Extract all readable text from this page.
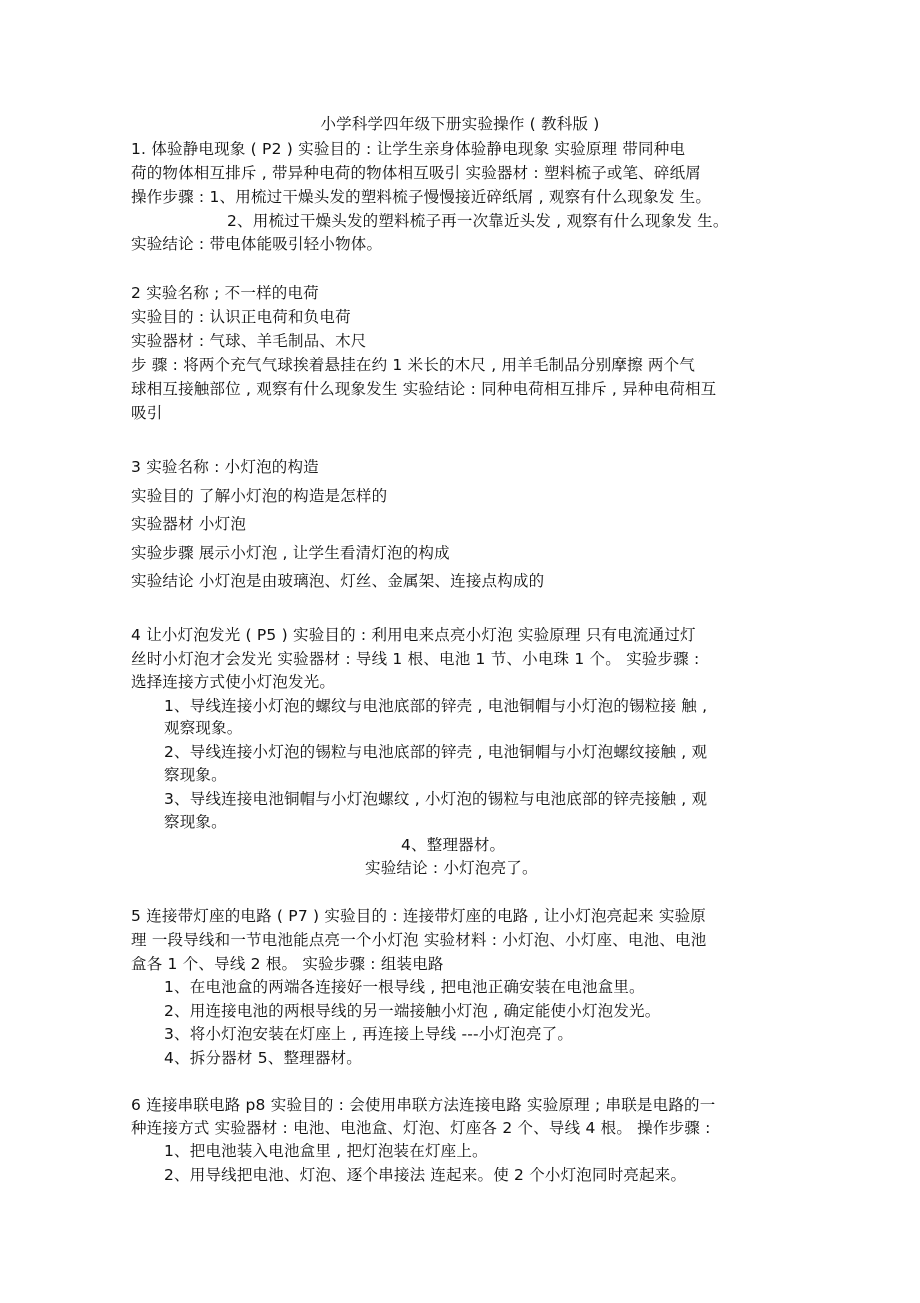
小学科学四年级下册实验操作 ( 教科版 )
1. 体验静电现象 ( P2 ) 实验目的 : 让学生亲身体验静电现象 实验原理 带同种电
荷的物体相互排斥 , 带异种电荷的物体相互吸引 实验器材 : 塑料梳子或笔、碎纸屑
操作步骤 : 1、用梳过干燥头发的塑料梳子慢慢接近碎纸屑 , 观察有什么现象发 生。
2、用梳过干燥头发的塑料梳子再一次靠近头发 , 观察有什么现象发 生。
实验结论 : 带电体能吸引轻小物体。
2 实验名称 ; 不一样的电荷
实验目的 : 认识正电荷和负电荷
实验器材 : 气球、羊毛制品、木尺
步 骤 : 将两个充气气球挨着悬挂在约 1 米长的木尺 , 用羊毛制品分别摩擦 两个气
球相互接触部位 , 观察有什么现象发生 实验结论 : 同种电荷相互排斥 , 异种电荷相互
吸引
3 实验名称 : 小灯泡的构造
实验目的 了解小灯泡的构造是怎样的
实验器材 小灯泡
实验步骤 展示小灯泡 , 让学生看清灯泡的构成
实验结论 小灯泡是由玻璃泡、灯丝、金属架、连接点构成的
4 让小灯泡发光 ( P5 ) 实验目的 : 利用电来点亮小灯泡 实验原理 只有电流通过灯
丝时小灯泡才会发光 实验器材 : 导线 1 根、电池 1 节、小电珠 1 个。 实验步骤 :
选择连接方式使小灯泡发光。
1、导线连接小灯泡的螺纹与电池底部的锌壳 , 电池铜帽与小灯泡的锡粒接 触 ,
观察现象。
2、导线连接小灯泡的锡粒与电池底部的锌壳 , 电池铜帽与小灯泡螺纹接触 , 观
察现象。
3、导线连接电池铜帽与小灯泡螺纹 , 小灯泡的锡粒与电池底部的锌壳接触 , 观
察现象。
4、整理器材。
实验结论 : 小灯泡亮了。
5 连接带灯座的电路 ( P7 ) 实验目的 : 连接带灯座的电路 , 让小灯泡亮起来 实验原
理 一段导线和一节电池能点亮一个小灯泡 实验材料 : 小灯泡、小灯座、电池、电池
盒各 1 个、导线 2 根。 实验步骤 : 组装电路
1、在电池盒的两端各连接好一根导线 , 把电池正确安装在电池盒里。
2、用连接电池的两根导线的另一端接触小灯泡 , 确定能使小灯泡发光。
3、将小灯泡安装在灯座上 , 再连接上导线 ---小灯泡亮了。
4、拆分器材 5、整理器材。
6 连接串联电路 p8 实验目的 : 会使用串联方法连接电路 实验原理 ; 串联是电路的一
种连接方式 实验器材 : 电池、电池盒、灯泡、灯座各 2 个、导线 4 根。 操作步骤 :
1、把电池装入电池盒里 , 把灯泡装在灯座上。
2、用导线把电池、灯泡、逐个串接法 连起来。使 2 个小灯泡同时亮起来。
